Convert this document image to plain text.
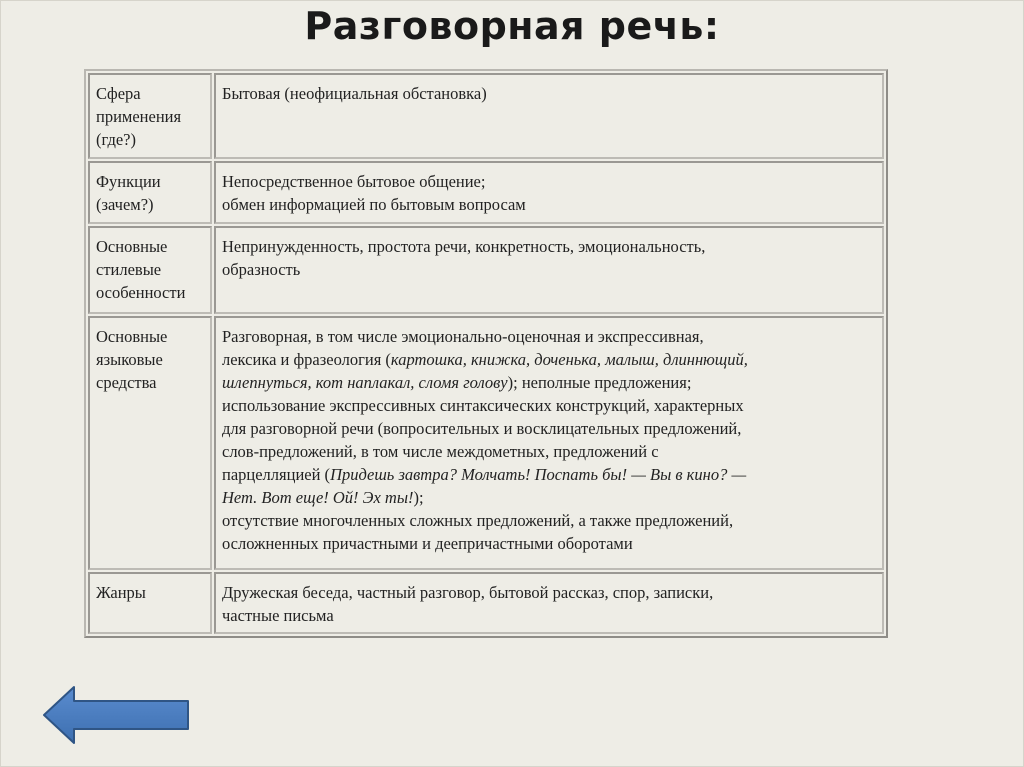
Разговорная речь:
Сфера
применения
(где?)
Бытовая (неофициальная обстановка)
Функции
(зачем?)
Непосредственное бытовое общение;
обмен информацией по бытовым вопросам
Основные
стилевые
особенности
Непринужденность, простота речи, конкретность, эмоциональность,
образность
Основные
языковые
средства
Разговорная, в том числе эмоционально-оценочная и экспрессивная,
лексика и фразеология (картошка, книжка, доченька, малыш, длиннющий,
шлепнуться, кот наплакал, сломя голову); неполные предложения;
использование экспрессивных синтаксических конструкций, характерных
для разговорной речи (вопросительных и восклицательных предложений,
слов-предложений, в том числе междометных, предложений с
парцелляцией (Придешь завтра? Молчать! Поспать бы! — Вы в кино? —
Нет. Вот еще! Ой! Эх ты!);
отсутствие многочленных сложных предложений, а также предложений,
осложненных причастными и деепричастными оборотами
Жанры	Дружеская беседа, частный разговор, бытовой рассказ, спор, записки,
частные письма
